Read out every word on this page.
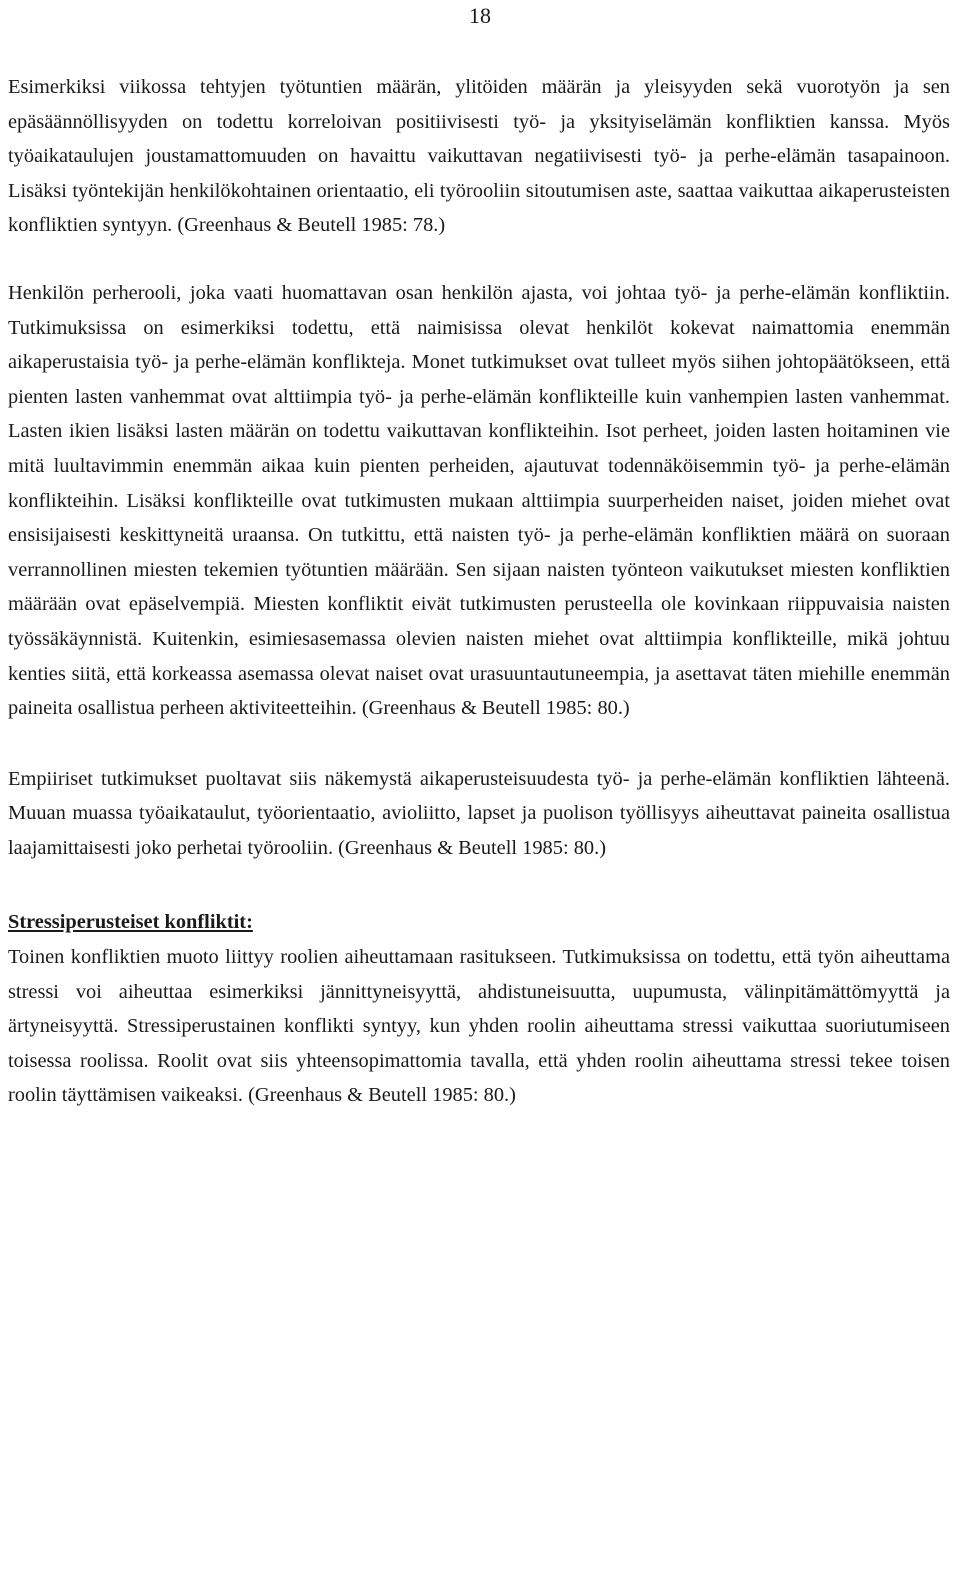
18

Esimerkiksi viikossa tehtyjen työtuntien määrän, ylitöiden määrän ja yleisyyden sekä vuorotyön ja sen epäsäännöllisyyden on todettu korreloivan positiivisesti työ- ja yksityiselämän konfliktien kanssa. Myös työaikataulujen joustamattomuuden on havaittu vaikuttavan negatiivisesti työ- ja perhe-elämän tasapainoon. Lisäksi työntekijän henkilökohtainen orientaatio, eli työrooliin sitoutumisen aste, saattaa vaikuttaa aikaperusteisten konfliktien syntyyn. (Greenhaus & Beutell 1985: 78.)

Henkilön perherooli, joka vaati huomattavan osan henkilön ajasta, voi johtaa työ- ja perhe-elämän konfliktiin. Tutkimuksissa on esimerkiksi todettu, että naimisissa olevat henkilöt kokevat naimattomia enemmän aikaperustaisia työ- ja perhe-elämän konflikteja. Monet tutkimukset ovat tulleet myös siihen johtopäätökseen, että pienten lasten vanhemmat ovat alttiimpia työ- ja perhe-elämän konflikteille kuin vanhempien lasten vanhemmat. Lasten ikien lisäksi lasten määrän on todettu vaikuttavan konflikteihin. Isot perheet, joiden lasten hoitaminen vie mitä luultavimmin enemmän aikaa kuin pienten perheiden, ajautuvat todennäköisemmin työ- ja perhe-elämän konflikteihin. Lisäksi konflikteille ovat tutkimusten mukaan alttiimpia suurperheiden naiset, joiden miehet ovat ensisijaisesti keskittyneitä uraansa. On tutkittu, että naisten työ- ja perhe-elämän konfliktien määrä on suoraan verrannollinen miesten tekemien työtuntien määrään. Sen sijaan naisten työnteon vaikutukset miesten konfliktien määrään ovat epäselvempiä. Miesten konfliktit eivät tutkimusten perusteella ole kovinkaan riippuvaisia naisten työssäkäynnistä. Kuitenkin, esimiesasemassa olevien naisten miehet ovat alttiimpia konflikteille, mikä johtuu kenties siitä, että korkeassa asemassa olevat naiset ovat urasuuntautuneempia, ja asettavat täten miehille enemmän paineita osallistua perheen aktiviteetteihin. (Greenhaus & Beutell 1985: 80.)

Empiiriset tutkimukset puoltavat siis näkemystä aikaperusteisuudesta työ- ja perhe-elämän konfliktien lähteenä. Muuan muassa työaikataulut, työorientaatio, avioliitto, lapset ja puolison työllisyys aiheuttavat paineita osallistua laajamittaisesti joko perhetai työrooliin. (Greenhaus & Beutell 1985: 80.)

Stressiperusteiset konfliktit:

Toinen konfliktien muoto liittyy roolien aiheuttamaan rasitukseen. Tutkimuksissa on todettu, että työn aiheuttama stressi voi aiheuttaa esimerkiksi jännittyneisyyttä, ahdistuneisuutta, uupumusta, välinpitämättömyyttä ja ärtyneisyyttä. Stressiperustainen konflikti syntyy, kun yhden roolin aiheuttama stressi vaikuttaa suoriutumiseen toisessa roolissa. Roolit ovat siis yhteensopimattomia tavalla, että yhden roolin aiheuttama stressi tekee toisen roolin täyttämisen vaikeaksi. (Greenhaus & Beutell 1985: 80.)
